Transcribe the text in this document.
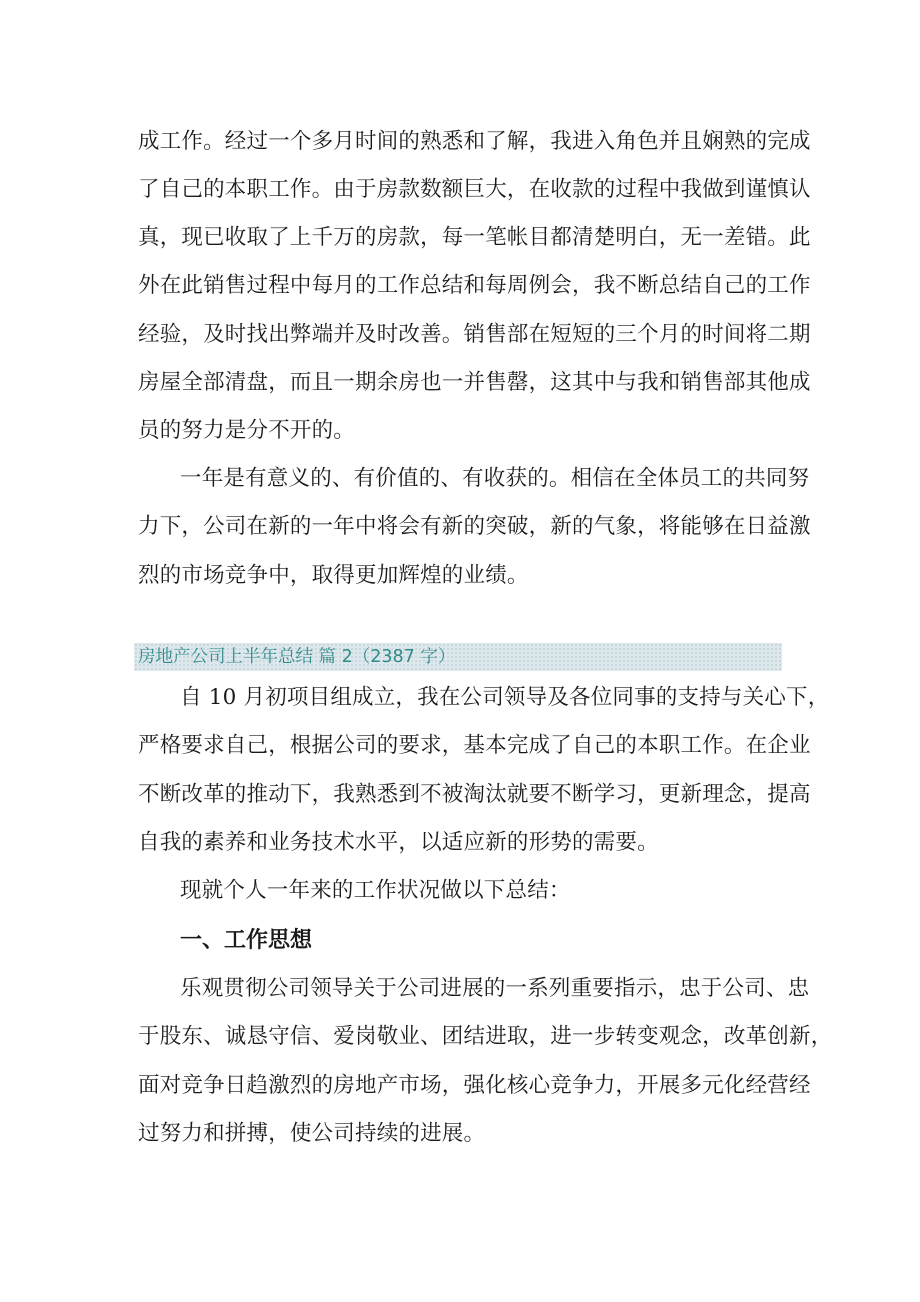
成工作。经过一个多月时间的熟悉和了解，我进入角色并且娴熟的完成
了自己的本职工作。由于房款数额巨大，在收款的过程中我做到谨慎认
真，现已收取了上千万的房款，每一笔帐目都清楚明白，无一差错。此
外在此销售过程中每月的工作总结和每周例会，我不断总结自己的工作
经验，及时找出弊端并及时改善。销售部在短短的三个月的时间将二期
房屋全部清盘，而且一期余房也一并售罄，这其中与我和销售部其他成
员的努力是分不开的。
一年是有意义的、有价值的、有收获的。相信在全体员工的共同努
力下，公司在新的一年中将会有新的突破，新的气象，将能够在日益激
烈的市场竞争中，取得更加辉煌的业绩。
房地产公司上半年总结 篇 2（2387 字）
自 10 月初项目组成立，我在公司领导及各位同事的支持与关心下，
严格要求自己，根据公司的要求，基本完成了自己的本职工作。在企业
不断改革的推动下，我熟悉到不被淘汰就要不断学习，更新理念，提高
自我的素养和业务技术水平，以适应新的形势的需要。
现就个人一年来的工作状况做以下总结：
一、工作思想
乐观贯彻公司领导关于公司进展的一系列重要指示，忠于公司、忠
于股东、诚恳守信、爱岗敬业、团结进取，进一步转变观念，改革创新，
面对竞争日趋激烈的房地产市场，强化核心竞争力，开展多元化经营经
过努力和拼搏，使公司持续的进展。
